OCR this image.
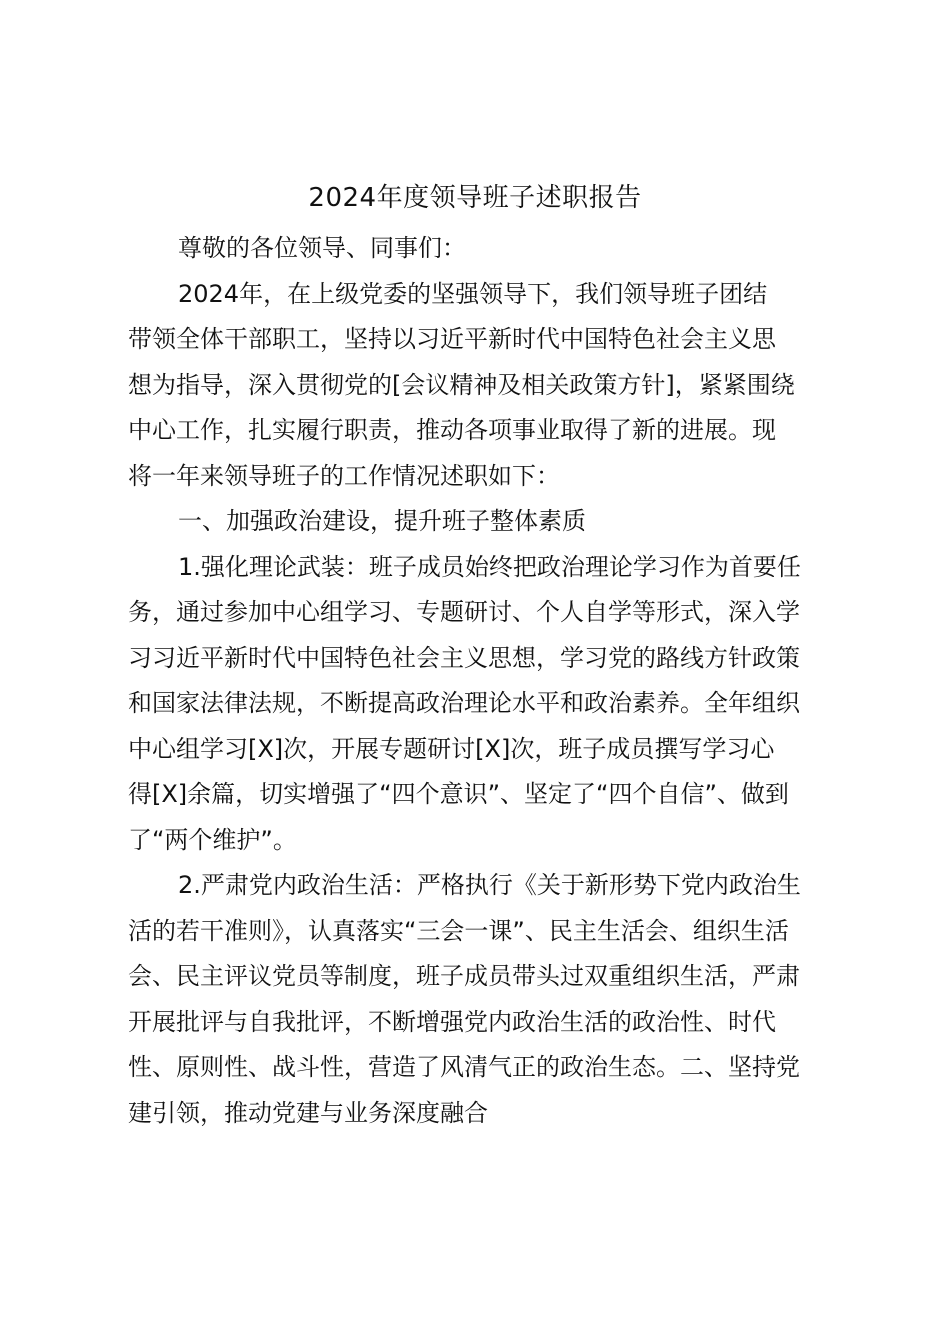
2024年度领导班子述职报告
尊敬的各位领导、同事们：
2024年，在上级党委的坚强领导下，我们领导班子团结
带领全体干部职工，坚持以习近平新时代中国特色社会主义思
想为指导，深入贯彻党的[会议精神及相关政策方针]，紧紧围绕
中心工作，扎实履行职责，推动各项事业取得了新的进展。现
将一年来领导班子的工作情况述职如下：
一、加强政治建设，提升班子整体素质
1.强化理论武装：班子成员始终把政治理论学习作为首要任
务，通过参加中心组学习、专题研讨、个人自学等形式，深入学
习习近平新时代中国特色社会主义思想，学习党的路线方针政策
和国家法律法规，不断提高政治理论水平和政治素养。全年组织
中心组学习[X]次，开展专题研讨[X]次，班子成员撰写学习心
得[X]余篇，切实增强了“四个意识”、坚定了“四个自信”、做到
了“两个维护”。
2.严肃党内政治生活：严格执行《关于新形势下党内政治生
活的若干准则》，认真落实“三会一课”、民主生活会、组织生活
会、民主评议党员等制度，班子成员带头过双重组织生活，严肃
开展批评与自我批评，不断增强党内政治生活的政治性、时代
性、原则性、战斗性，营造了风清气正的政治生态。二、坚持党
建引领，推动党建与业务深度融合
